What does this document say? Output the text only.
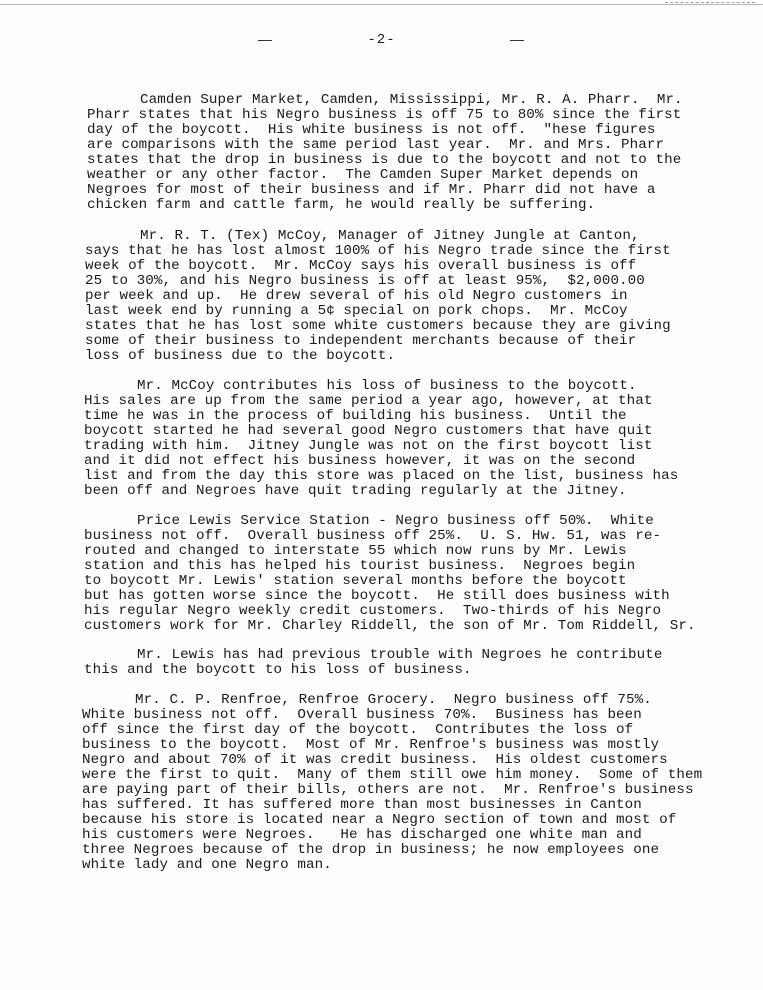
-2-
Camden Super Market, Camden, Mississippi, Mr. R. A. Pharr.  Mr.
Pharr states that his Negro business is off 75 to 80% since the first
day of the boycott.  His white business is not off.  "hese figures
are comparisons with the same period last year.  Mr. and Mrs. Pharr
states that the drop in business is due to the boycott and not to the
weather or any other factor.  The Camden Super Market depends on
Negroes for most of their business and if Mr. Pharr did not have a
chicken farm and cattle farm, he would really be suffering.
Mr. R. T. (Tex) McCoy, Manager of Jitney Jungle at Canton,
says that he has lost almost 100% of his Negro trade since the first
week of the boycott.  Mr. McCoy says his overall business is off
25 to 30%, and his Negro business is off at least 95%,  $2,000.00
per week and up.  He drew several of his old Negro customers in
last week end by running a 5¢ special on pork chops.  Mr. McCoy
states that he has lost some white customers because they are giving
some of their business to independent merchants because of their
loss of business due to the boycott.
Mr. McCoy contributes his loss of business to the boycott.
His sales are up from the same period a year ago, however, at that
time he was in the process of building his business.  Until the
boycott started he had several good Negro customers that have quit
trading with him.  Jitney Jungle was not on the first boycott list
and it did not effect his business however, it was on the second
list and from the day this store was placed on the list, business has
been off and Negroes have quit trading regularly at the Jitney.
Price Lewis Service Station - Negro business off 50%.  White
business not off.  Overall business off 25%.  U. S. Hw. 51, was re-
routed and changed to interstate 55 which now runs by Mr. Lewis
station and this has helped his tourist business.  Negroes begin
to boycott Mr. Lewis' station several months before the boycott
but has gotten worse since the boycott.  He still does business with
his regular Negro weekly credit customers.  Two-thirds of his Negro
customers work for Mr. Charley Riddell, the son of Mr. Tom Riddell, Sr.
Mr. Lewis has had previous trouble with Negroes he contribute
this and the boycott to his loss of business.
Mr. C. P. Renfroe, Renfroe Grocery.  Negro business off 75%.
White business not off.  Overall business 70%.  Business has been
off since the first day of the boycott.  Contributes the loss of
business to the boycott.  Most of Mr. Renfroe's business was mostly
Negro and about 70% of it was credit business.  His oldest customers
were the first to quit.  Many of them still owe him money.  Some of them
are paying part of their bills, others are not.  Mr. Renfroe's business
has suffered. It has suffered more than most businesses in Canton
because his store is located near a Negro section of town and most of
his customers were Negroes.   He has discharged one white man and
three Negroes because of the drop in business; he now employees one
white lady and one Negro man.
